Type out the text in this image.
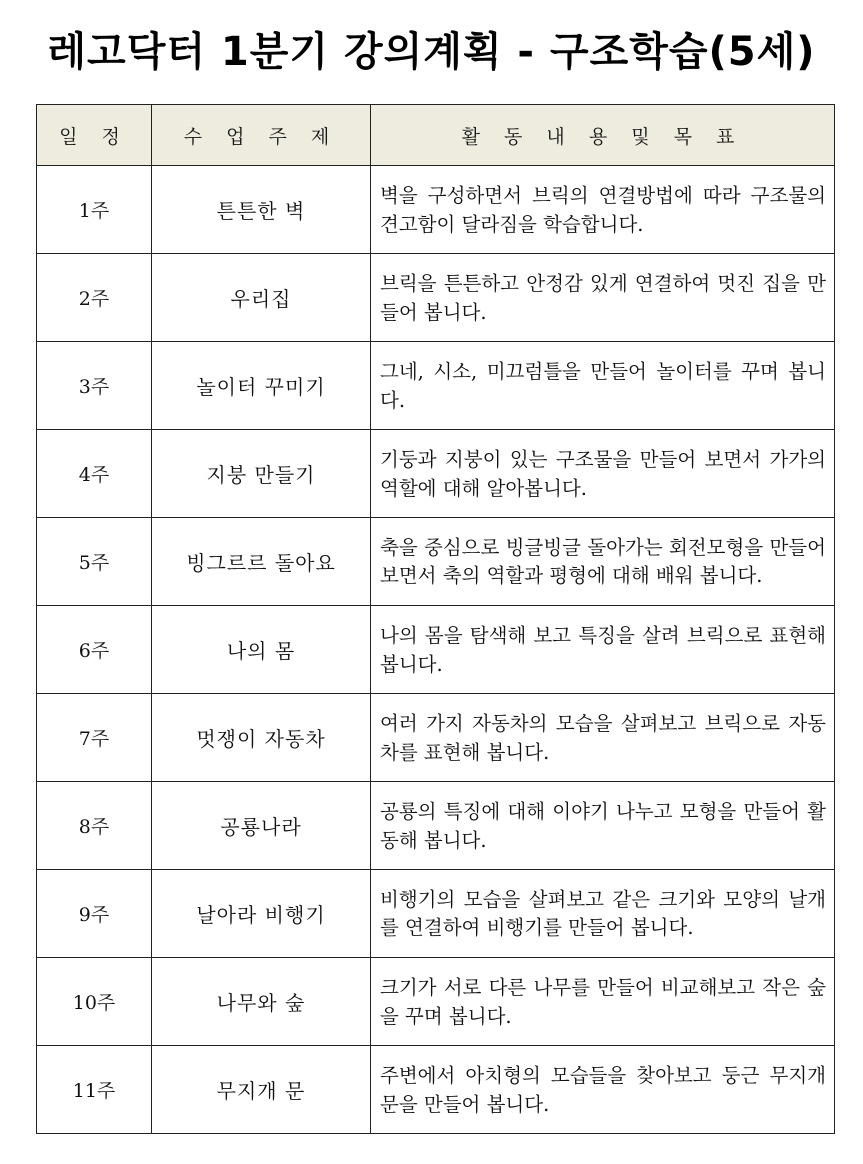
레고닥터 1분기 강의계획 - 구조학습(5세)
일 정	수 업 주 제	활 동 내 용 및 목 표
1주	튼튼한 벽	벽을 구성하면서 브릭의 연결방법에 따라 구조물의 견고함이 달라짐을 학습합니다.
2주	우리집	브릭을 튼튼하고 안정감 있게 연결하여 멋진 집을 만들어 봅니다.
3주	놀이터 꾸미기	그네, 시소, 미끄럼틀을 만들어 놀이터를 꾸며 봅니다.
4주	지붕 만들기	기둥과 지붕이 있는 구조물을 만들어 보면서 가가의 역할에 대해 알아봅니다.
5주	빙그르르 돌아요	축을 중심으로 빙글빙글 돌아가는 회전모형을 만들어 보면서 축의 역할과 평형에 대해 배워 봅니다.
6주	나의 몸	나의 몸을 탐색해 보고 특징을 살려 브릭으로 표현해 봅니다.
7주	멋쟁이 자동차	여러 가지 자동차의 모습을 살펴보고 브릭으로 자동차를 표현해 봅니다.
8주	공룡나라	공룡의 특징에 대해 이야기 나누고 모형을 만들어 활동해 봅니다.
9주	날아라 비행기	비행기의 모습을 살펴보고 같은 크기와 모양의 날개를 연결하여 비행기를 만들어 봅니다.
10주	나무와 숲	크기가 서로 다른 나무를 만들어 비교해보고 작은 숲을 꾸며 봅니다.
11주	무지개 문	주변에서 아치형의 모습들을 찾아보고 둥근 무지개 문을 만들어 봅니다.
